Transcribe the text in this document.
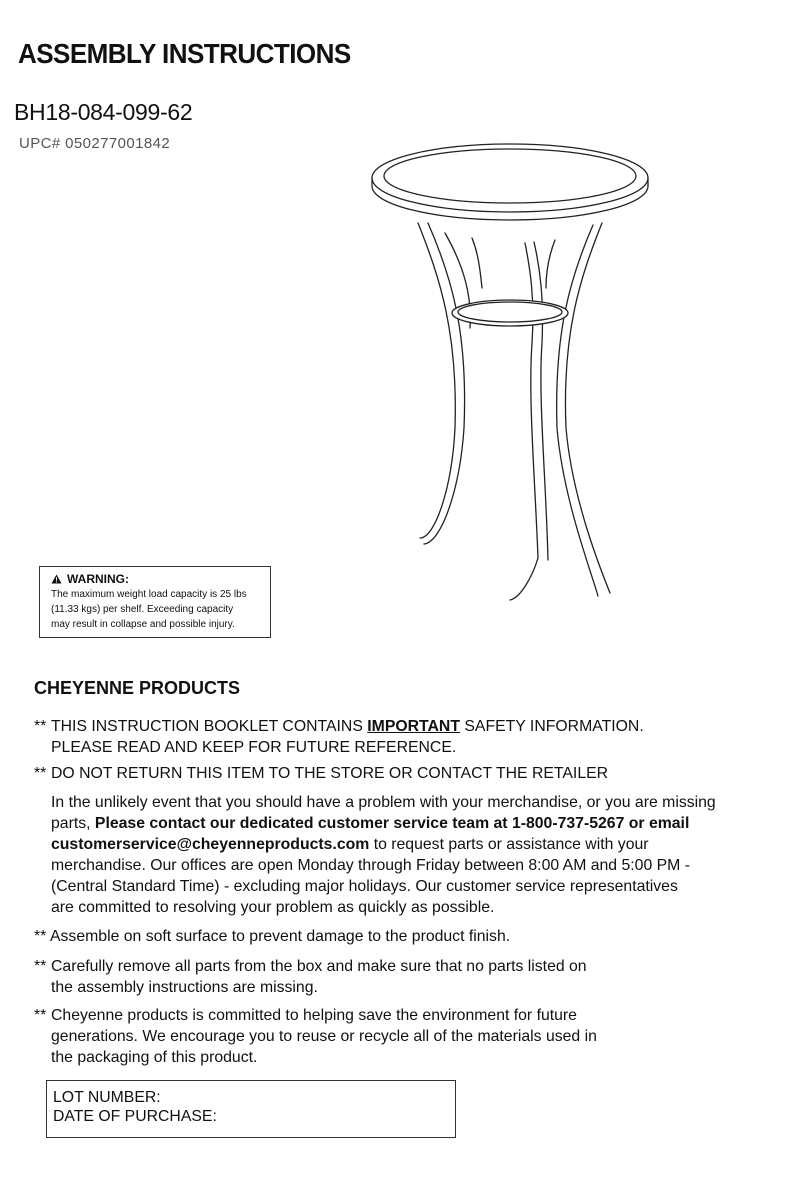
ASSEMBLY INSTRUCTIONS
BH18-084-099-62
UPC# 050277001842
WARNING:
The maximum weight load capacity is 25 lbs
(11.33 kgs) per shelf. Exceeding capacity
may result in collapse and possible injury.
CHEYENNE PRODUCTS
** THIS INSTRUCTION BOOKLET CONTAINS IMPORTANT SAFETY INFORMATION.
PLEASE READ AND KEEP FOR FUTURE REFERENCE.
** DO NOT RETURN THIS ITEM TO THE STORE OR CONTACT THE RETAILER
In the unlikely event that you should have a problem with your merchandise, or you are missing
parts, Please contact our dedicated customer service team at 1-800-737-5267 or email
customerservice@cheyenneproducts.com to request parts or assistance with your
merchandise. Our offices are open Monday through Friday between 8:00 AM and 5:00 PM -
(Central Standard Time) - excluding major holidays. Our customer service representatives
are committed to resolving your problem as quickly as possible.
** Assemble on soft surface to prevent damage to the product finish.
** Carefully remove all parts from the box and make sure that no parts listed on
the assembly instructions are missing.
** Cheyenne products is committed to helping save the environment for future
generations. We encourage you to reuse or recycle all of the materials used in
the packaging of this product.
LOT NUMBER:
DATE OF PURCHASE:
